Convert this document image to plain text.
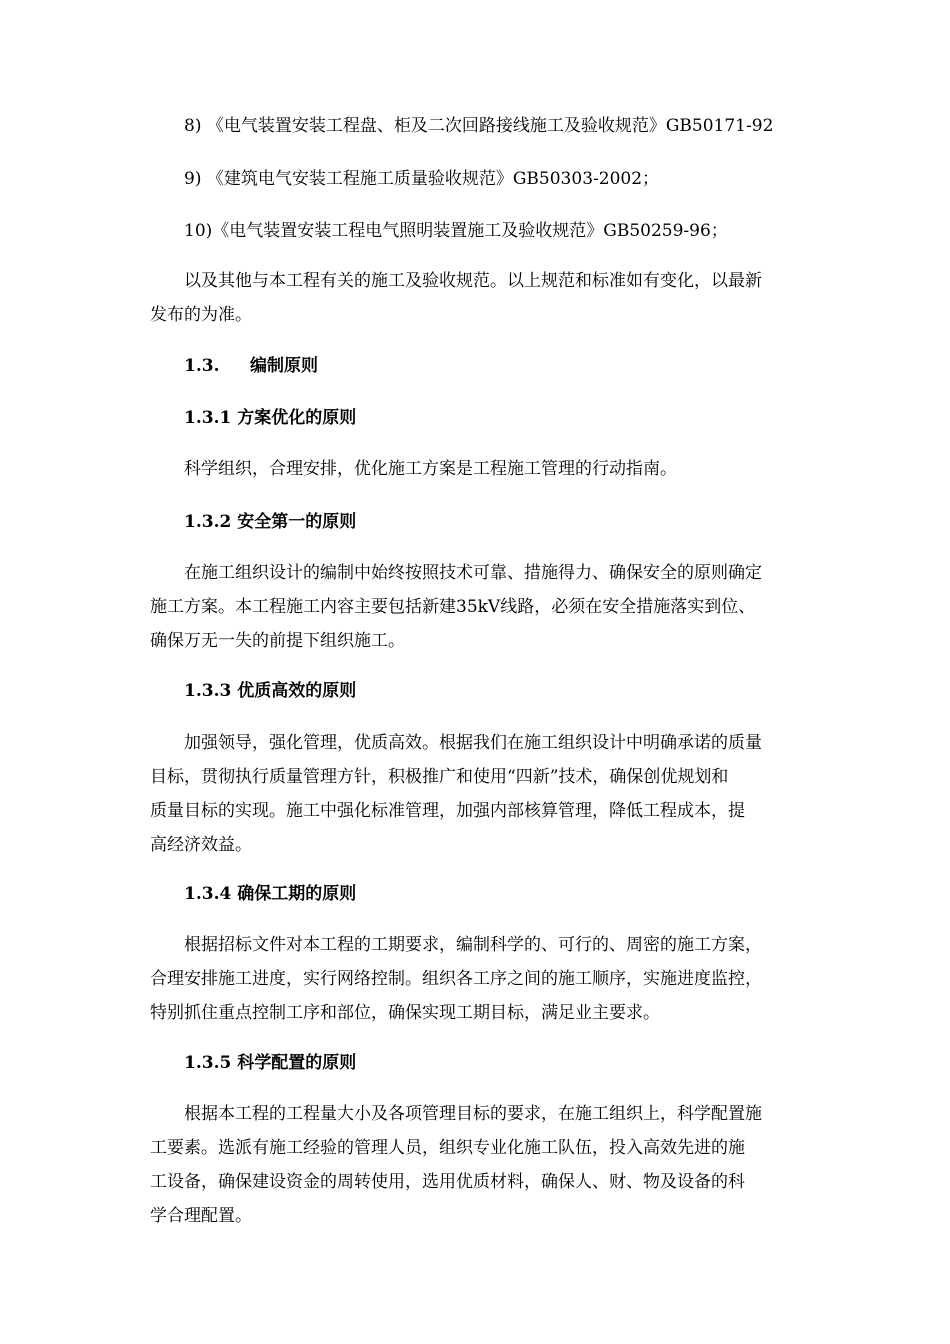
8) 《电气装置安装工程盘、柜及二次回路接线施工及验收规范》GB50171-92
9) 《建筑电气安装工程施工质量验收规范》GB50303-2002；
10)《电气装置安装工程电气照明装置施工及验收规范》GB50259-96；
以及其他与本工程有关的施工及验收规范。以上规范和标准如有变化，以最新
发布的为准。
1.3. 编制原则
1.3.1 方案优化的原则
科学组织，合理安排，优化施工方案是工程施工管理的行动指南。
1.3.2 安全第一的原则
在施工组织设计的编制中始终按照技术可靠、措施得力、确保安全的原则确定
施工方案。本工程施工内容主要包括新建35kV线路，必须在安全措施落实到位、
确保万无一失的前提下组织施工。
1.3.3 优质高效的原则
加强领导，强化管理，优质高效。根据我们在施工组织设计中明确承诺的质量
目标，贯彻执行质量管理方针，积极推广和使用“四新”技术，确保创优规划和
质量目标的实现。施工中强化标准管理，加强内部核算管理，降低工程成本，提
高经济效益。
1.3.4 确保工期的原则
根据招标文件对本工程的工期要求，编制科学的、可行的、周密的施工方案，
合理安排施工进度，实行网络控制。组织各工序之间的施工顺序，实施进度监控，
特别抓住重点控制工序和部位，确保实现工期目标，满足业主要求。
1.3.5 科学配置的原则
根据本工程的工程量大小及各项管理目标的要求，在施工组织上，科学配置施
工要素。选派有施工经验的管理人员，组织专业化施工队伍，投入高效先进的施
工设备，确保建设资金的周转使用，选用优质材料，确保人、财、物及设备的科
学合理配置。
